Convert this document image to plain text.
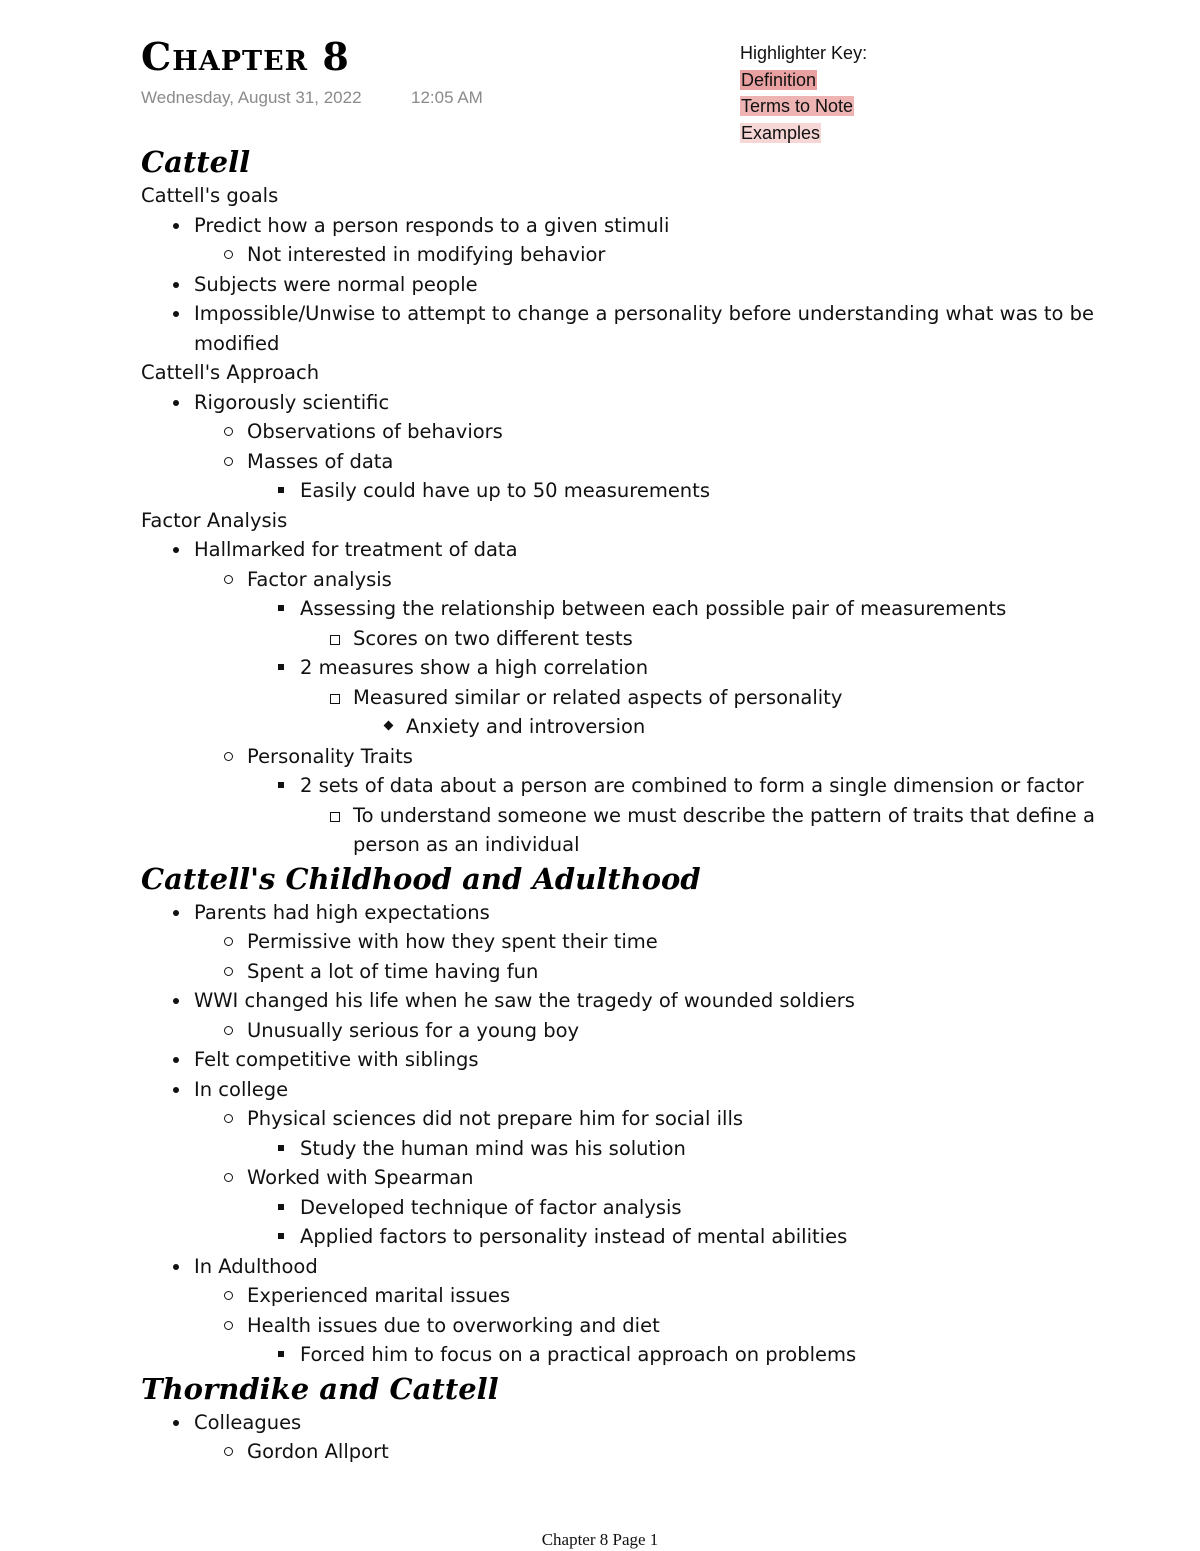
Chapter 8
Wednesday, August 31, 2022	12:05 AM
Highlighter Key:
Definition
Terms to Note
Examples
Cattell
Cattell's goals
Predict how a person responds to a given stimuli
Not interested in modifying behavior
Subjects were normal people
Impossible/Unwise to attempt to change a personality before understanding what was to be
modified
Cattell's Approach
Rigorously scientific
Observations of behaviors
Masses of data
Easily could have up to 50 measurements
Factor Analysis
Hallmarked for treatment of data
Factor analysis
Assessing the relationship between each possible pair of measurements
Scores on two different tests
2 measures show a high correlation
Measured similar or related aspects of personality
Anxiety and introversion
Personality Traits
2 sets of data about a person are combined to form a single dimension or factor
To understand someone we must describe the pattern of traits that define a
person as an individual
Cattell's Childhood and Adulthood
Parents had high expectations
Permissive with how they spent their time
Spent a lot of time having fun
WWI changed his life when he saw the tragedy of wounded soldiers
Unusually serious for a young boy
Felt competitive with siblings
In college
Physical sciences did not prepare him for social ills
Study the human mind was his solution
Worked with Spearman
Developed technique of factor analysis
Applied factors to personality instead of mental abilities
In Adulthood
Experienced marital issues
Health issues due to overworking and diet
Forced him to focus on a practical approach on problems
Thorndike and Cattell
Colleagues
Gordon Allport
Chapter 8 Page 1
